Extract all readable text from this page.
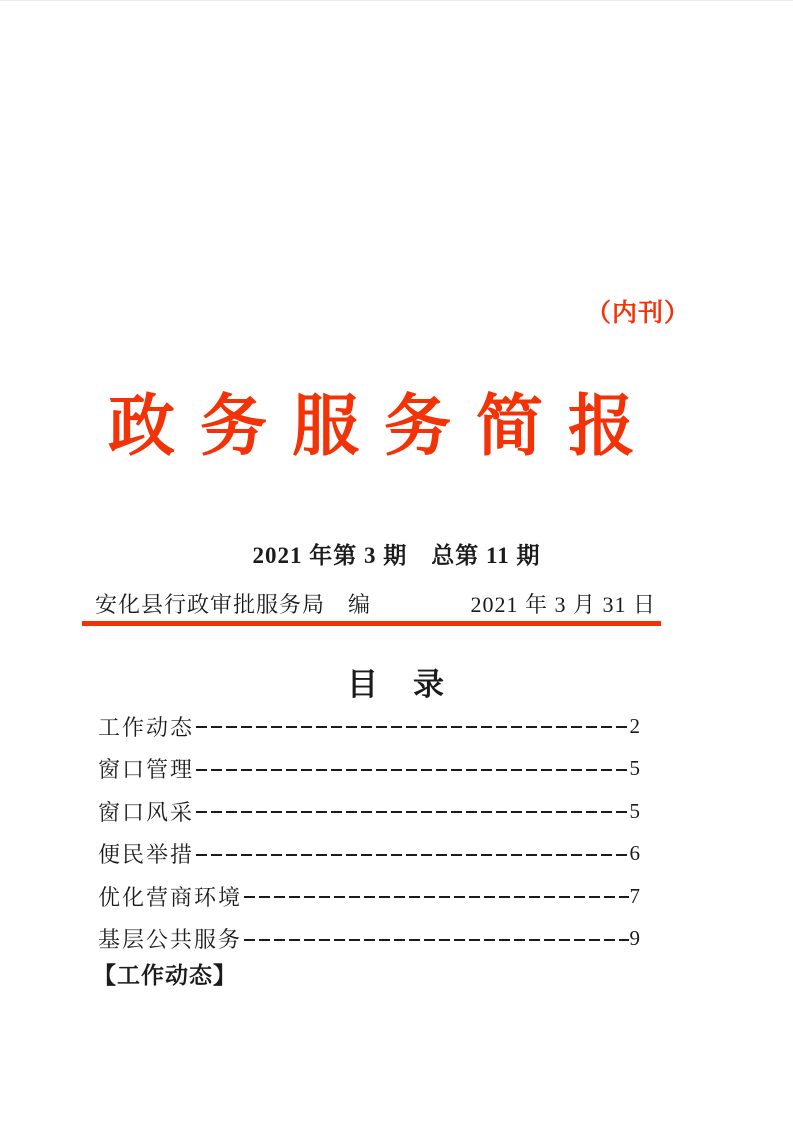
（内刊）
政务服务简报
2021 年第 3 期　总第 11 期
安化县行政审批服务局　编	2021 年 3 月 31 日
目　录
工作动态	2
窗口管理	5
窗口风采	5
便民举措	6
优化营商环境	7
基层公共服务	9
【工作动态】
